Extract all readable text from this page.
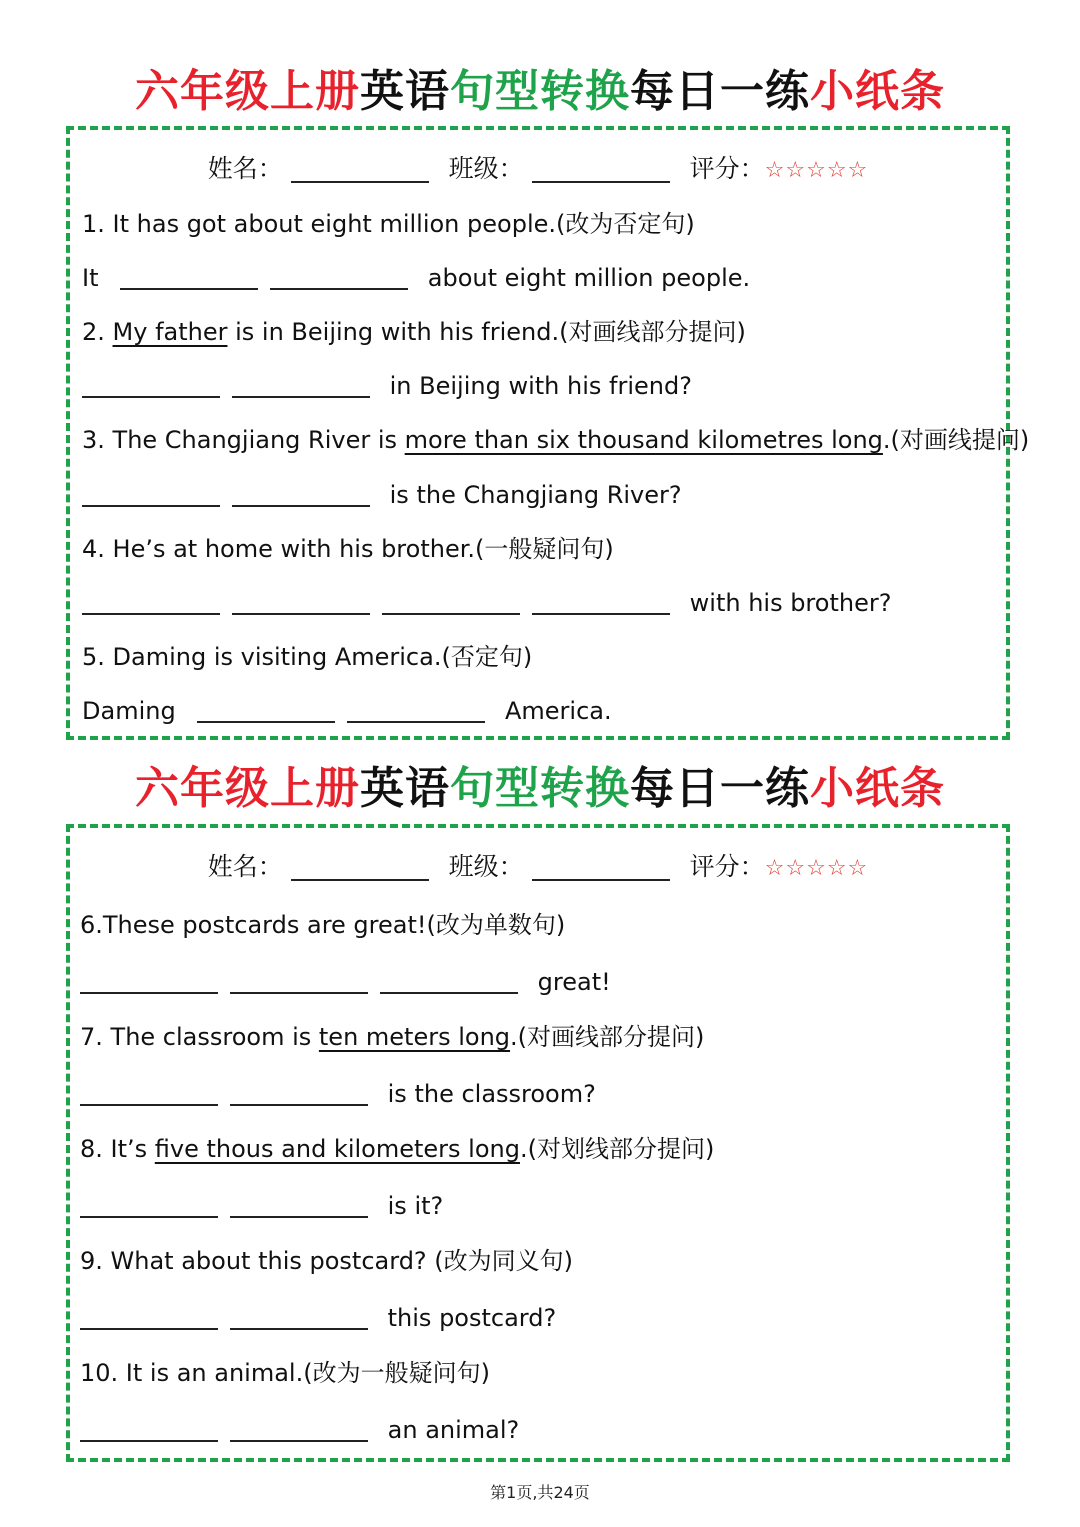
六年级上册英语句型转换每日一练小纸条
姓名：	班级：	评分：☆☆☆☆☆
1. It has got about eight million people.(改为否定句)
It	about eight million people.
2. My father is in Beijing with his friend.(对画线部分提问)
in Beijing with his friend?
3. The Changjiang River is more than six thousand kilometres long.(对画线提问)
is the Changjiang River?
4. He’s at home with his brother.(一般疑问句)
with his brother?
5. Daming is visiting America.(否定句)
Daming	America.
六年级上册英语句型转换每日一练小纸条
姓名：	班级：	评分：☆☆☆☆☆
6.These postcards are great!(改为单数句)
great!
7. The classroom is ten meters long.(对画线部分提问)
is the classroom?
8. It’s five thous and kilometers long.(对划线部分提问)
is it?
9. What about this postcard? (改为同义句)
this postcard?
10. It is an animal.(改为一般疑问句)
an animal?
第1页,共24页
